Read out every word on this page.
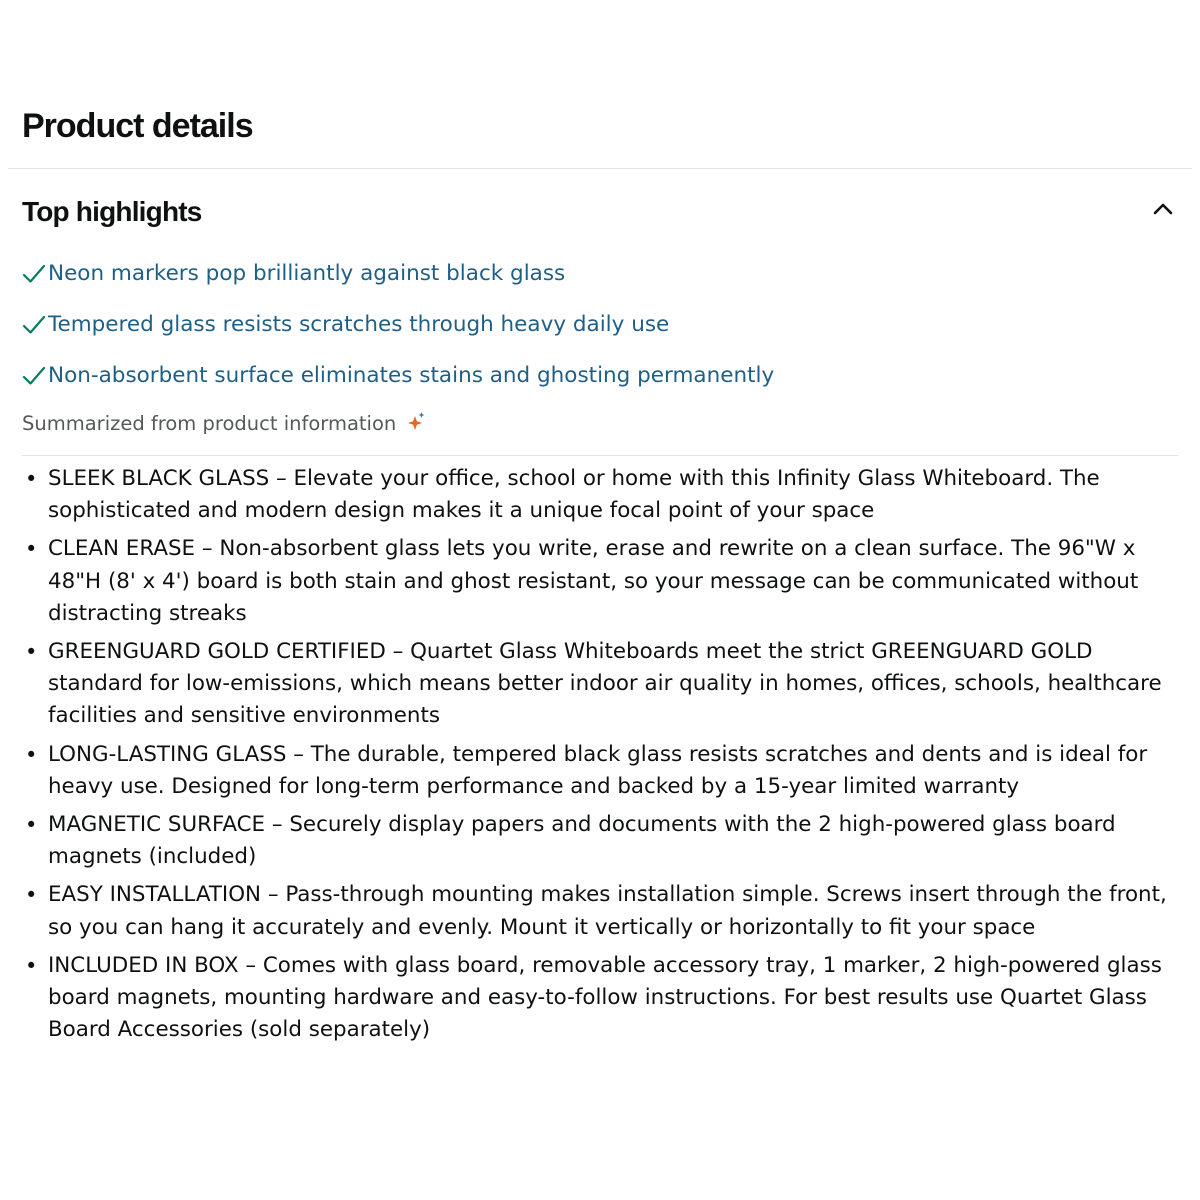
Product details
Top highlights
Neon markers pop brilliantly against black glass
Tempered glass resists scratches through heavy daily use
Non-absorbent surface eliminates stains and ghosting permanently
Summarized from product information
• SLEEK BLACK GLASS – Elevate your office, school or home with this Infinity Glass Whiteboard. The sophisticated and modern design makes it a unique focal point of your space
• CLEAN ERASE – Non-absorbent glass lets you write, erase and rewrite on a clean surface. The 96"W x 48"H (8' x 4') board is both stain and ghost resistant, so your message can be communicated without distracting streaks
• GREENGUARD GOLD CERTIFIED – Quartet Glass Whiteboards meet the strict GREENGUARD GOLD standard for low-emissions, which means better indoor air quality in homes, offices, schools, healthcare facilities and sensitive environments
• LONG-LASTING GLASS – The durable, tempered black glass resists scratches and dents and is ideal for heavy use. Designed for long-term performance and backed by a 15-year limited warranty
• MAGNETIC SURFACE – Securely display papers and documents with the 2 high-powered glass board magnets (included)
• EASY INSTALLATION – Pass-through mounting makes installation simple. Screws insert through the front, so you can hang it accurately and evenly. Mount it vertically or horizontally to fit your space
• INCLUDED IN BOX – Comes with glass board, removable accessory tray, 1 marker, 2 high-powered glass board magnets, mounting hardware and easy-to-follow instructions. For best results use Quartet Glass Board Accessories (sold separately)
